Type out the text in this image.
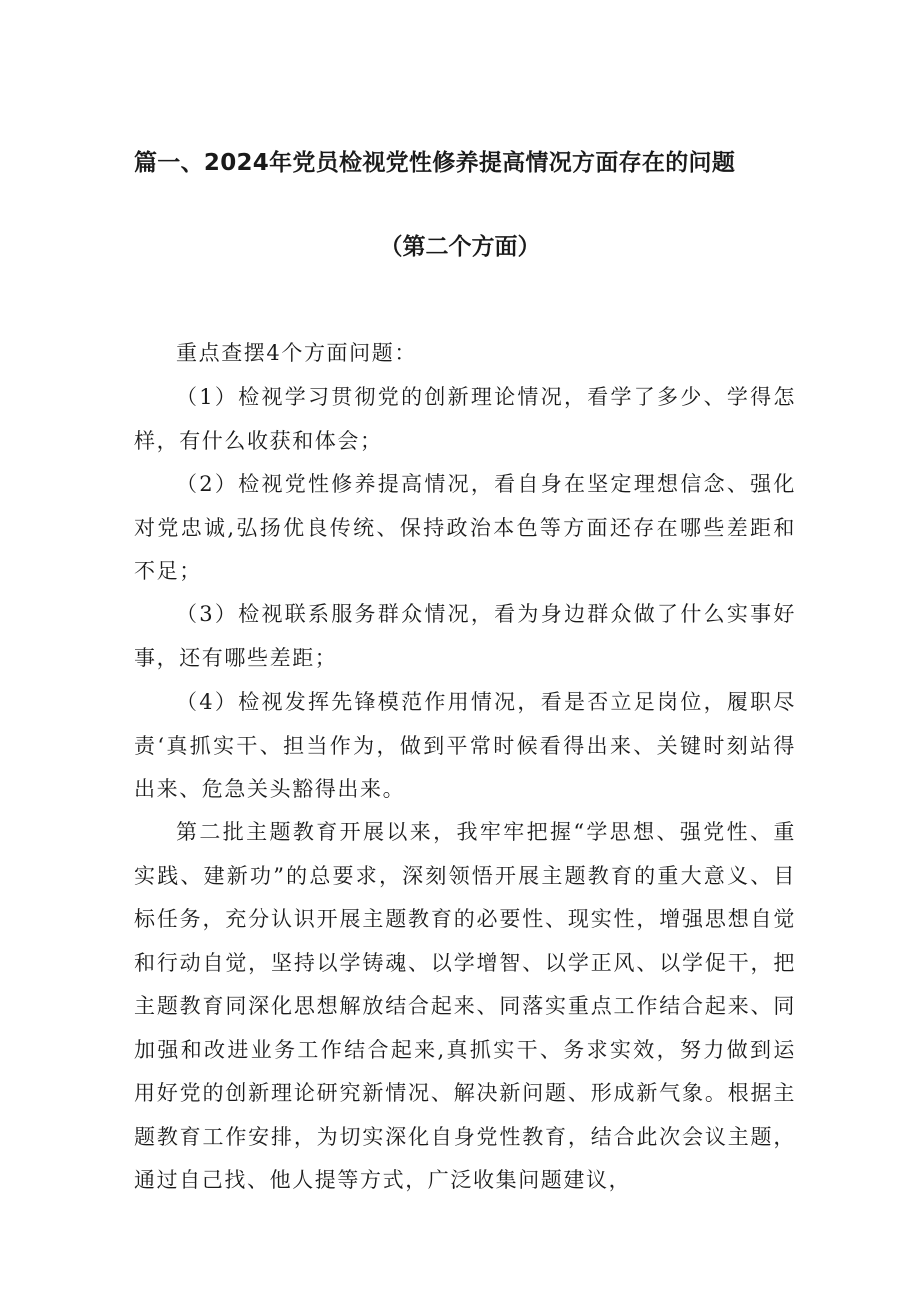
篇一、2024年党员检视党性修养提高情况方面存在的问题
（第二个方面）

重点查摆4个方面问题：

（1）检视学习贯彻党的创新理论情况，看学了多少、学得怎样，有什么收获和体会；

（2）检视党性修养提高情况，看自身在坚定理想信念、强化对党忠诚,弘扬优良传统、保持政治本色等方面还存在哪些差距和不足；

（3）检视联系服务群众情况，看为身边群众做了什么实事好事，还有哪些差距；

（4）检视发挥先锋模范作用情况，看是否立足岗位，履职尽责‘真抓实干、担当作为，做到平常时候看得出来、关键时刻站得出来、危急关头豁得出来。

第二批主题教育开展以来，我牢牢把握“学思想、强党性、重实践、建新功”的总要求，深刻领悟开展主题教育的重大意义、目标任务，充分认识开展主题教育的必要性、现实性，增强思想自觉和行动自觉，坚持以学铸魂、以学增智、以学正风、以学促干，把主题教育同深化思想解放结合起来、同落实重点工作结合起来、同加强和改进业务工作结合起来,真抓实干、务求实效，努力做到运用好党的创新理论研究新情况、解决新问题、形成新气象。根据主题教育工作安排，为切实深化自身党性教育，结合此次会议主题，通过自己找、他人提等方式，广泛收集问题建议，
